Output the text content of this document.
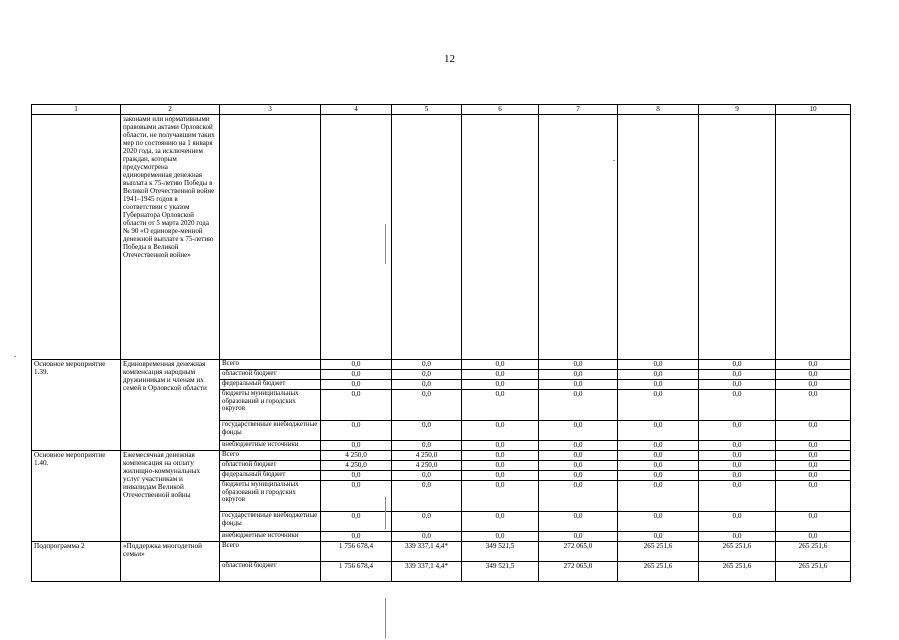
12
1	2	3	4	5	6	7	8	9	10
	законами или нормативными правовыми актами Орловской области, не получавшим таких мер по состоянию на 1 января 2020 года, за исключением граждан, которым предусмотрена единовременная денежная выплата к 75-летию Победы в Великой Отечественной войне 1941–1945 годов в соответствии с указом Губернатора Орловской области от 5 марта 2020 года № 90 «О единовре-менной денежной выплате к 75-летию Победы в Великой Отечественной войне»								
Основное мероприятие 1.39.	Единовременная денежная компенсация народным дружинникам и членам их семей в Орловской области	Всего	0,0	0,0	0,0	0,0	0,0	0,0	0,0
		областной бюджет	0,0	0,0	0,0	0,0	0,0	0,0	0,0
		федеральный бюджет	0,0	0,0	0,0	0,0	0,0	0,0	0,0
		бюджеты муниципальных образований и городских округов	0,0	0,0	0,0	0,0	0,0	0,0	0,0
		государственные внебюджетные фонды	0,0	0,0	0,0	0,0	0,0	0,0	0,0
		внебюджетные источники	0,0	0,0	0,0	0,0	0,0	0,0	0,0
Основное мероприятие 1.40.	Ежемесячная денежная компенсация на оплату жилищно-коммунальных услуг участникам и инвалидам Великой Отечественной войны	Всего	4 250,0	4 250,0	0,0	0,0	0,0	0,0	0,0
		областной бюджет	4 250,0	4 250,0	0,0	0,0	0,0	0,0	0,0
		федеральный бюджет	0,0	0,0	0,0	0,0	0,0	0,0	0,0
		бюджеты муниципальных образований и городских округов	0,0	0,0	0,0	0,0	0,0	0,0	0,0
		государственные внебюджетные фонды	0,0	0,0	0,0	0,0	0,0	0,0	0,0
		внебюджетные источники	0,0	0,0	0,0	0,0	0,0	0,0	0,0
Подпрограмма 2	«Поддержка многодетной семьи»	Всего	1 756 678,4	339 337,1 4,4*	349 521,5	272 065,0	265 251,6	265 251,6	265 251,6
		областной бюджет	1 756 678,4	339 337,1 4,4*	349 521,5	272 065,0	265 251,6	265 251,6	265 251,6
